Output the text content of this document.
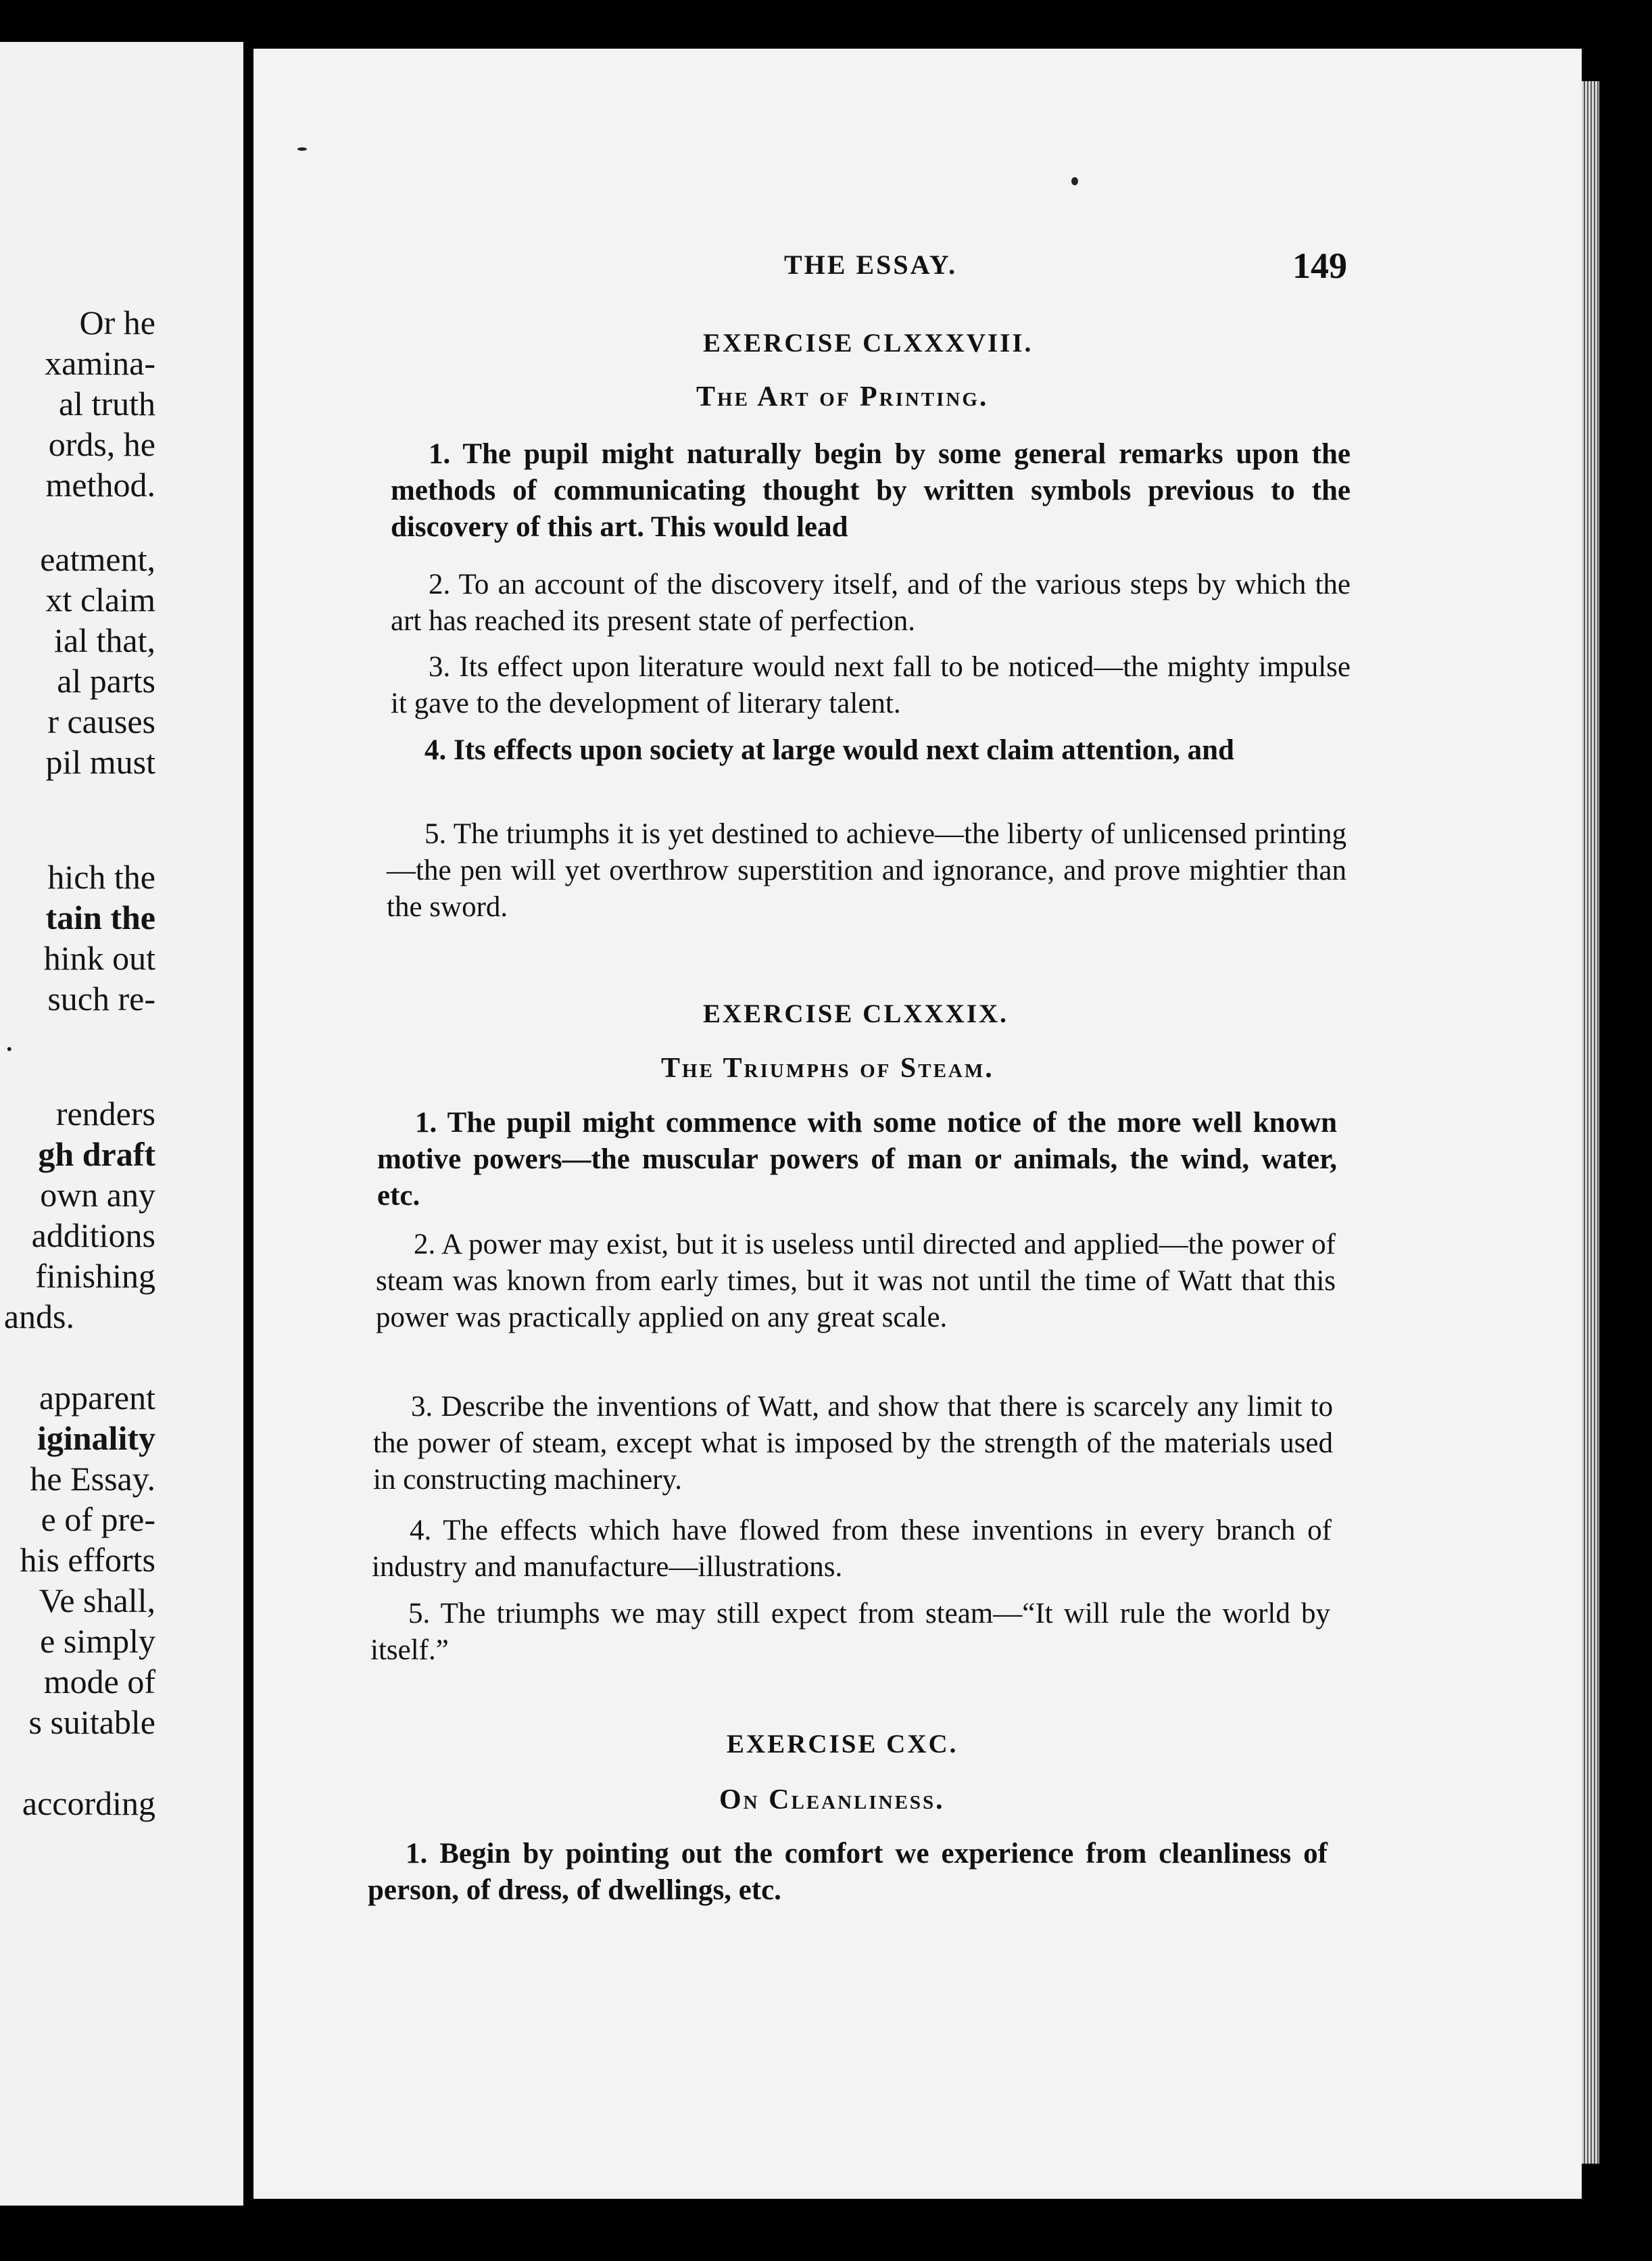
Or he
xamina-
al truth
ords, he
method.
eatment,
xt claim
ial that,
al parts
r causes
pil must
hich the
tain the
hink out
such re-
.
renders
gh draft
own any
additions
finishing
ands.
apparent
iginality
he Essay.
e of pre-
his efforts
Ve shall,
e simply
mode of
s suitable
according
THE ESSAY.	149
EXERCISE CLXXXVIII.
The Art of Printing.
1. The pupil might naturally begin by some general remarks upon the methods of communicating thought by written symbols previous to the discovery of this art. This would lead
2. To an account of the discovery itself, and of the various steps by which the art has reached its present state of perfection.
3. Its effect upon literature would next fall to be noticed—the mighty impulse it gave to the development of literary talent.
4. Its effects upon society at large would next claim attention, and
5. The triumphs it is yet destined to achieve—the liberty of unlicensed printing—the pen will yet overthrow superstition and ignorance, and prove mightier than the sword.
EXERCISE CLXXXIX.
The Triumphs of Steam.
1. The pupil might commence with some notice of the more well known motive powers—the muscular powers of man or animals, the wind, water, etc.
2. A power may exist, but it is useless until directed and applied—the power of steam was known from early times, but it was not until the time of Watt that this power was practically applied on any great scale.
3. Describe the inventions of Watt, and show that there is scarcely any limit to the power of steam, except what is imposed by the strength of the materials used in constructing machinery.
4. The effects which have flowed from these inventions in every branch of industry and manufacture—illustrations.
5. The triumphs we may still expect from steam—“It will rule the world by itself.”
EXERCISE CXC.
On Cleanliness.
1. Begin by pointing out the comfort we experience from cleanliness of person, of dress, of dwellings, etc.
